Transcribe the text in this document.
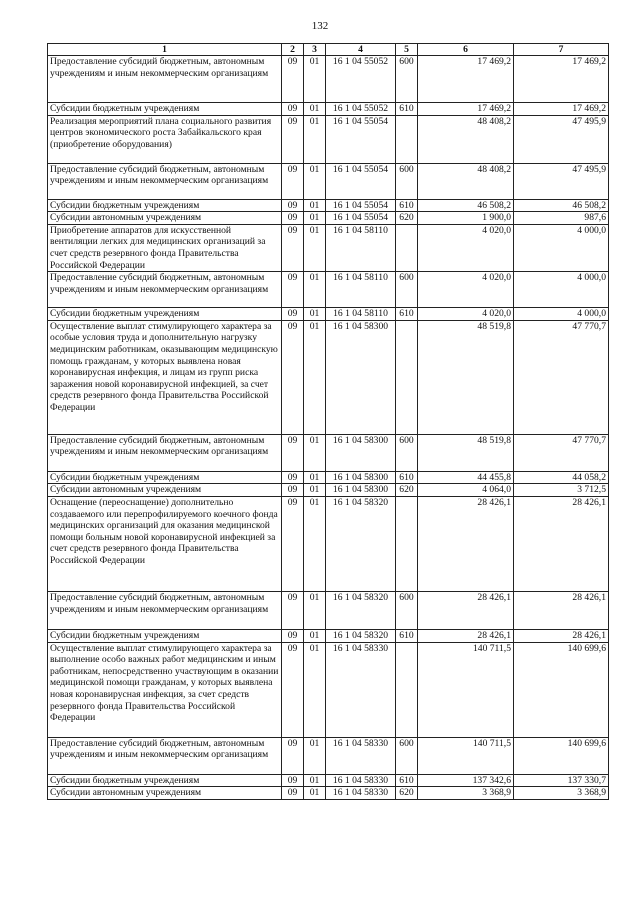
132
1	2	3	4	5	6	7
Предоставление субсидий бюджетным, автономным учреждениям и иным некоммерческим организациям	09	01	16 1 04 55052	600	17 469,2	17 469,2
Субсидии бюджетным учреждениям	09	01	16 1 04 55052	610	17 469,2	17 469,2
Реализация мероприятий плана социального развития центров экономического роста Забайкальского края (приобретение оборудования)	09	01	16 1 04 55054		48 408,2	47 495,9
Предоставление субсидий бюджетным, автономным учреждениям и иным некоммерческим организациям	09	01	16 1 04 55054	600	48 408,2	47 495,9
Субсидии бюджетным учреждениям	09	01	16 1 04 55054	610	46 508,2	46 508,2
Субсидии автономным учреждениям	09	01	16 1 04 55054	620	1 900,0	987,6
Приобретение аппаратов для искусственной вентиляции легких для медицинских организаций за счет средств резервного фонда Правительства Российской Федерации	09	01	16 1 04 58110		4 020,0	4 000,0
Предоставление субсидий бюджетным, автономным учреждениям и иным некоммерческим организациям	09	01	16 1 04 58110	600	4 020,0	4 000,0
Субсидии бюджетным учреждениям	09	01	16 1 04 58110	610	4 020,0	4 000,0
Осуществление выплат стимулирующего характера за особые условия труда и дополнительную нагрузку медицинским работникам, оказывающим медицинскую помощь гражданам, у которых выявлена новая коронавирусная инфекция, и лицам из групп риска заражения новой коронавирусной инфекцией, за счет средств резервного фонда Правительства Российской Федерации	09	01	16 1 04 58300		48 519,8	47 770,7
Предоставление субсидий бюджетным, автономным учреждениям и иным некоммерческим организациям	09	01	16 1 04 58300	600	48 519,8	47 770,7
Субсидии бюджетным учреждениям	09	01	16 1 04 58300	610	44 455,8	44 058,2
Субсидии автономным учреждениям	09	01	16 1 04 58300	620	4 064,0	3 712,5
Оснащение (переоснащение) дополнительно создаваемого или перепрофилируемого коечного фонда медицинских организаций для оказания медицинской помощи больным новой коронавирусной инфекцией за счет средств резервного фонда Правительства Российской Федерации	09	01	16 1 04 58320		28 426,1	28 426,1
Предоставление субсидий бюджетным, автономным учреждениям и иным некоммерческим организациям	09	01	16 1 04 58320	600	28 426,1	28 426,1
Субсидии бюджетным учреждениям	09	01	16 1 04 58320	610	28 426,1	28 426,1
Осуществление выплат стимулирующего характера за выполнение особо важных работ медицинским и иным работникам, непосредственно участвующим в оказании медицинской помощи гражданам, у которых выявлена новая коронавирусная инфекция, за счет средств резервного фонда Правительства Российской Федерации	09	01	16 1 04 58330		140 711,5	140 699,6
Предоставление субсидий бюджетным, автономным учреждениям и иным некоммерческим организациям	09	01	16 1 04 58330	600	140 711,5	140 699,6
Субсидии бюджетным учреждениям	09	01	16 1 04 58330	610	137 342,6	137 330,7
Субсидии автономным учреждениям	09	01	16 1 04 58330	620	3 368,9	3 368,9
